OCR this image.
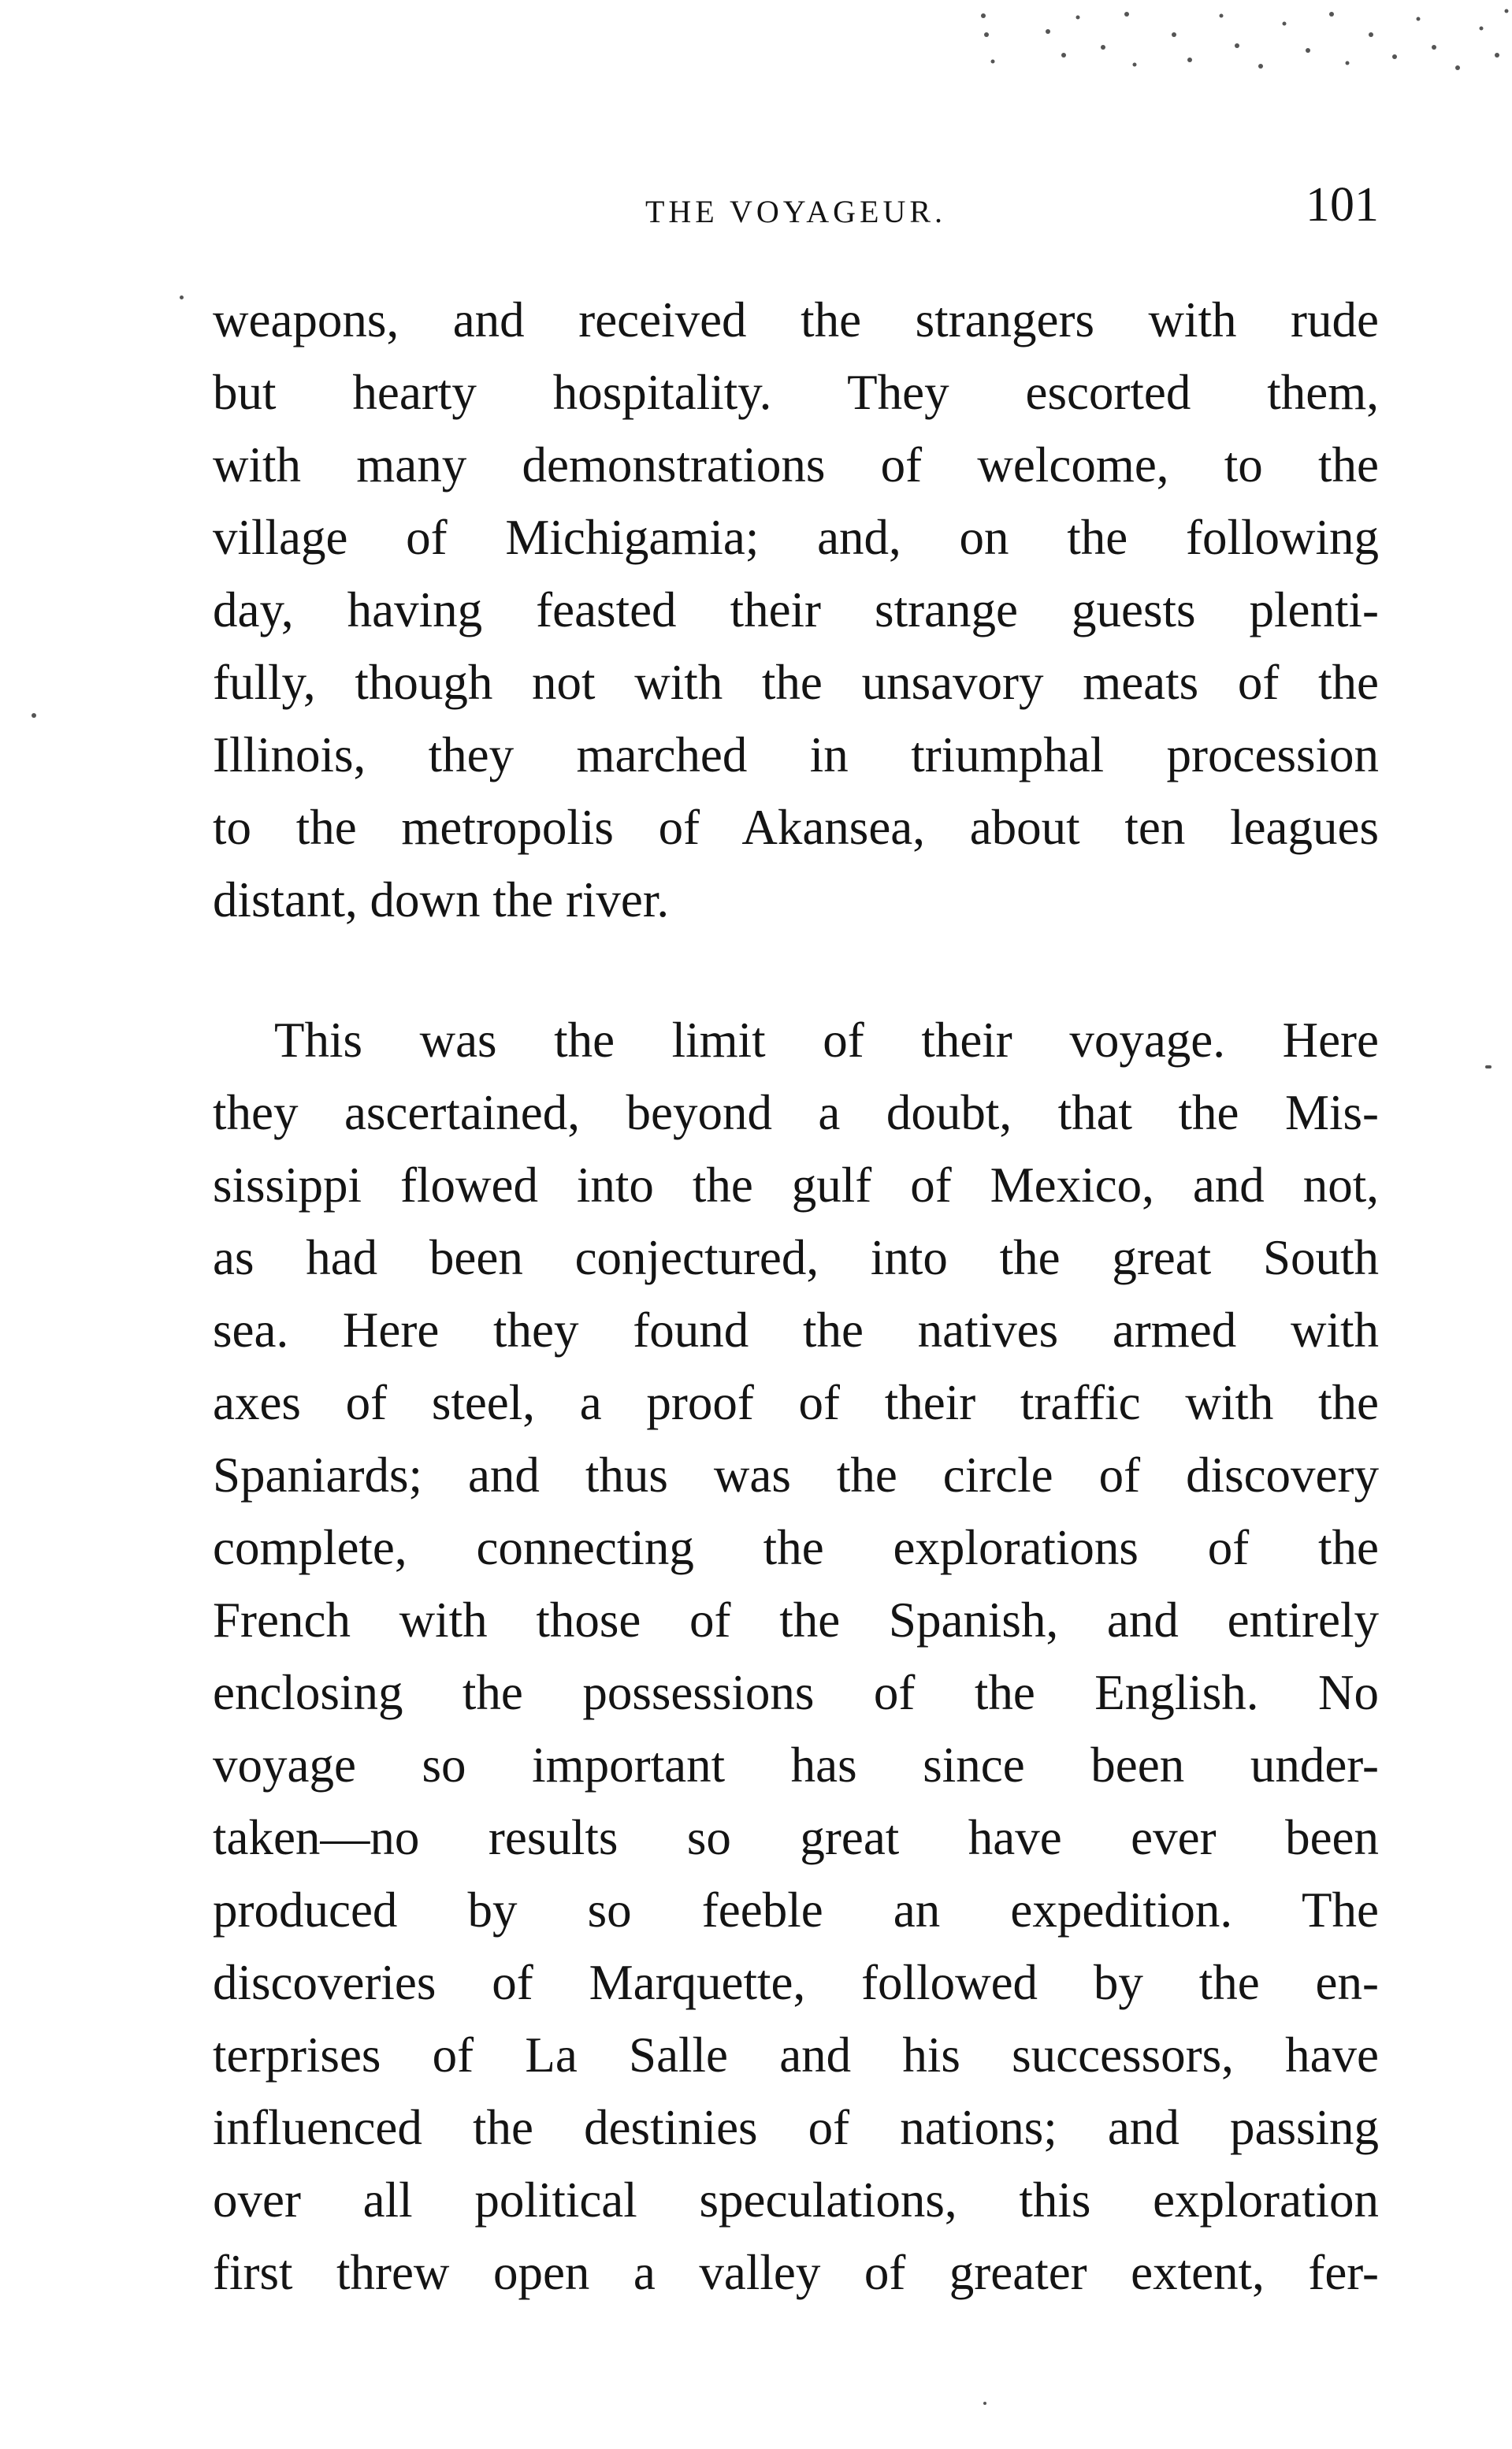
THE VOYAGEUR.	101
weapons, and received the strangers with rude
but hearty hospitality. They escorted them,
with many demonstrations of welcome, to the
village of Michigamia; and, on the following
day, having feasted their strange guests plenti-
fully, though not with the unsavory meats of the
Illinois, they marched in triumphal procession
to the metropolis of Akansea, about ten leagues
distant, down the river.
This was the limit of their voyage. Here
they ascertained, beyond a doubt, that the Mis-
sissippi flowed into the gulf of Mexico, and not,
as had been conjectured, into the great South
sea. Here they found the natives armed with
axes of steel, a proof of their traffic with the
Spaniards; and thus was the circle of discovery
complete, connecting the explorations of the
French with those of the Spanish, and entirely
enclosing the possessions of the English. No
voyage so important has since been under-
taken—no results so great have ever been
produced by so feeble an expedition. The
discoveries of Marquette, followed by the en-
terprises of La Salle and his successors, have
influenced the destinies of nations; and passing
over all political speculations, this exploration
first threw open a valley of greater extent, fer-
